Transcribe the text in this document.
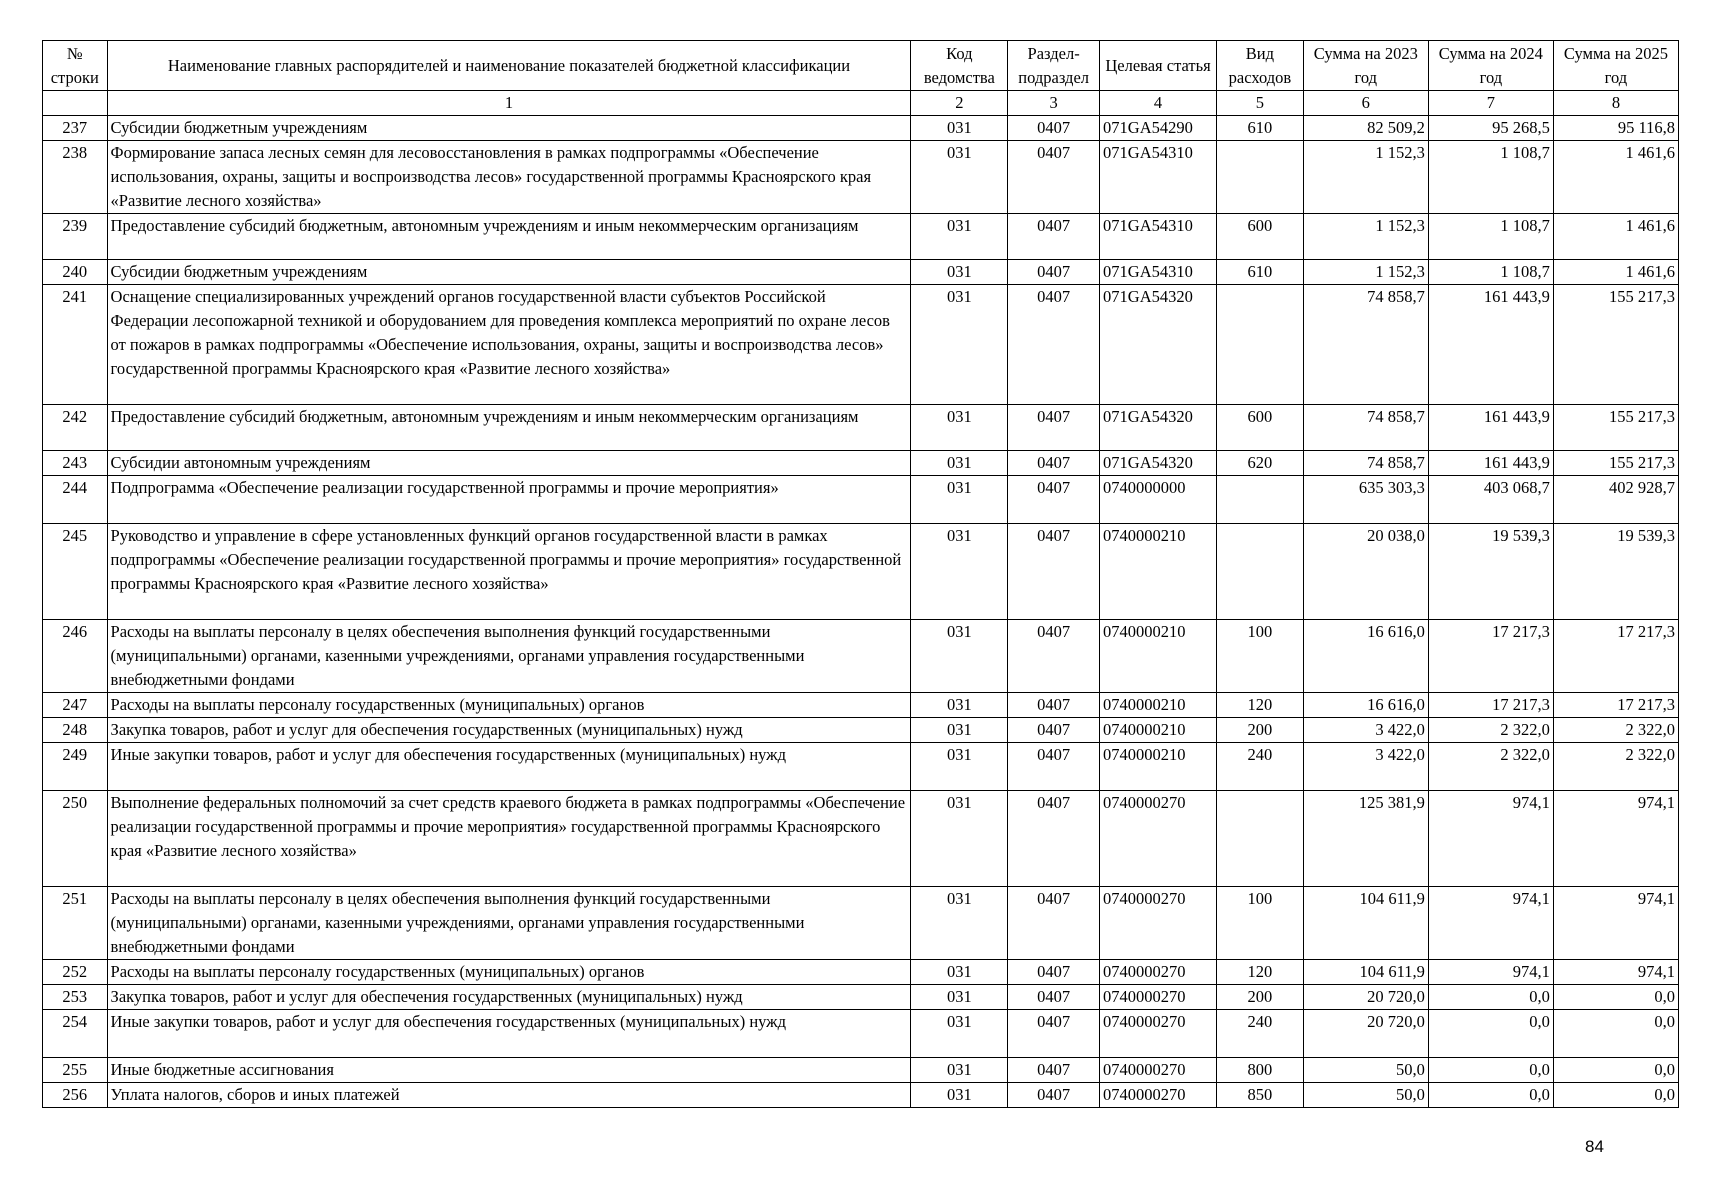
№ строки	Наименование главных распорядителей и наименование показателей бюджетной классификации	Код ведомства	Раздел-подраздел	Целевая статья	Вид расходов	Сумма на 2023 год	Сумма на 2024 год	Сумма на 2025 год
	1	2	3	4	5	6	7	8
237	Субсидии бюджетным учреждениям	031	0407	071GA54290	610	82 509,2	95 268,5	95 116,8
238	Формирование запаса лесных семян для лесовосстановления в рамках подпрограммы «Обеспечение использования, охраны, защиты и воспроизводства лесов» государственной программы Красноярского края «Развитие лесного хозяйства»	031	0407	071GA54310		1 152,3	1 108,7	1 461,6
239	Предоставление субсидий бюджетным, автономным учреждениям и иным некоммерческим организациям	031	0407	071GA54310	600	1 152,3	1 108,7	1 461,6
240	Субсидии бюджетным учреждениям	031	0407	071GA54310	610	1 152,3	1 108,7	1 461,6
241	Оснащение специализированных учреждений органов государственной власти субъектов Российской Федерации лесопожарной техникой и оборудованием для проведения комплекса мероприятий по охране лесов от пожаров в рамках подпрограммы «Обеспечение использования, охраны, защиты и воспроизводства лесов» государственной программы Красноярского края «Развитие лесного хозяйства»	031	0407	071GA54320		74 858,7	161 443,9	155 217,3
242	Предоставление субсидий бюджетным, автономным учреждениям и иным некоммерческим организациям	031	0407	071GA54320	600	74 858,7	161 443,9	155 217,3
243	Субсидии автономным учреждениям	031	0407	071GA54320	620	74 858,7	161 443,9	155 217,3
244	Подпрограмма «Обеспечение реализации государственной программы и прочие мероприятия»	031	0407	0740000000		635 303,3	403 068,7	402 928,7
245	Руководство и управление в сфере установленных функций органов государственной власти в рамках подпрограммы «Обеспечение реализации государственной программы и прочие мероприятия» государственной программы Красноярского края «Развитие лесного хозяйства»	031	0407	0740000210		20 038,0	19 539,3	19 539,3
246	Расходы на выплаты персоналу в целях обеспечения выполнения функций государственными (муниципальными) органами, казенными учреждениями, органами управления государственными внебюджетными фондами	031	0407	0740000210	100	16 616,0	17 217,3	17 217,3
247	Расходы на выплаты персоналу государственных (муниципальных) органов	031	0407	0740000210	120	16 616,0	17 217,3	17 217,3
248	Закупка товаров, работ и услуг для обеспечения государственных (муниципальных) нужд	031	0407	0740000210	200	3 422,0	2 322,0	2 322,0
249	Иные закупки товаров, работ и услуг для обеспечения государственных (муниципальных) нужд	031	0407	0740000210	240	3 422,0	2 322,0	2 322,0
250	Выполнение федеральных полномочий за счет средств краевого бюджета в рамках подпрограммы «Обеспечение реализации государственной программы и прочие мероприятия» государственной программы Красноярского края «Развитие лесного хозяйства»	031	0407	0740000270		125 381,9	974,1	974,1
251	Расходы на выплаты персоналу в целях обеспечения выполнения функций государственными (муниципальными) органами, казенными учреждениями, органами управления государственными внебюджетными фондами	031	0407	0740000270	100	104 611,9	974,1	974,1
252	Расходы на выплаты персоналу государственных (муниципальных) органов	031	0407	0740000270	120	104 611,9	974,1	974,1
253	Закупка товаров, работ и услуг для обеспечения государственных (муниципальных) нужд	031	0407	0740000270	200	20 720,0	0,0	0,0
254	Иные закупки товаров, работ и услуг для обеспечения государственных (муниципальных) нужд	031	0407	0740000270	240	20 720,0	0,0	0,0
255	Иные бюджетные ассигнования	031	0407	0740000270	800	50,0	0,0	0,0
256	Уплата налогов, сборов и иных платежей	031	0407	0740000270	850	50,0	0,0	0,0
84
